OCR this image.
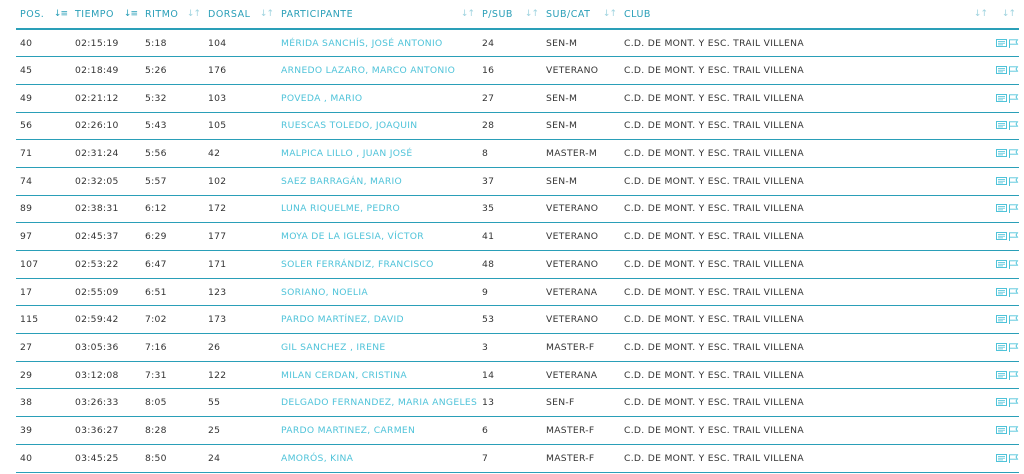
POS. ↓≡	TIEMPO ↓≡	RITMO ↓↑	DORSAL ↓↑	PARTICIPANTE ↓↑	P/SUB ↓↑	SUB/CAT ↓↑	CLUB ↓↑	↓↑

40	02:15:19	5:18	104	MÉRIDA SANCHÍS, JOSÉ ANTONIO	24	SEN-M	C.D. DE MONT. Y ESC. TRAIL VILLENA	

45	02:18:49	5:26	176	ARNEDO LAZARO, MARCO ANTONIO	16	VETERANO	C.D. DE MONT. Y ESC. TRAIL VILLENA	

49	02:21:12	5:32	103	POVEDA , MARIO	27	SEN-M	C.D. DE MONT. Y ESC. TRAIL VILLENA	

56	02:26:10	5:43	105	RUESCAS TOLEDO, JOAQUIN	28	SEN-M	C.D. DE MONT. Y ESC. TRAIL VILLENA	

71	02:31:24	5:56	42	MALPICA LILLO , JUAN JOSÉ	8	MASTER-M	C.D. DE MONT. Y ESC. TRAIL VILLENA	

74	02:32:05	5:57	102	SAEZ BARRAGÁN, MARIO	37	SEN-M	C.D. DE MONT. Y ESC. TRAIL VILLENA	

89	02:38:31	6:12	172	LUNA RIQUELME, PEDRO	35	VETERANO	C.D. DE MONT. Y ESC. TRAIL VILLENA	

97	02:45:37	6:29	177	MOYA DE LA IGLESIA, VÍCTOR	41	VETERANO	C.D. DE MONT. Y ESC. TRAIL VILLENA	

107	02:53:22	6:47	171	SOLER FERRÁNDIZ, FRANCISCO	48	VETERANO	C.D. DE MONT. Y ESC. TRAIL VILLENA	

17	02:55:09	6:51	123	SORIANO, NOELIA	9	VETERANA	C.D. DE MONT. Y ESC. TRAIL VILLENA	

115	02:59:42	7:02	173	PARDO MARTÍNEZ, DAVID	53	VETERANO	C.D. DE MONT. Y ESC. TRAIL VILLENA	

27	03:05:36	7:16	26	GIL SANCHEZ , IRENE	3	MASTER-F	C.D. DE MONT. Y ESC. TRAIL VILLENA	

29	03:12:08	7:31	122	MILAN CERDAN, CRISTINA	14	VETERANA	C.D. DE MONT. Y ESC. TRAIL VILLENA	

38	03:26:33	8:05	55	DELGADO FERNANDEZ, MARIA ANGELES	13	SEN-F	C.D. DE MONT. Y ESC. TRAIL VILLENA	

39	03:36:27	8:28	25	PARDO MARTINEZ, CARMEN	6	MASTER-F	C.D. DE MONT. Y ESC. TRAIL VILLENA	

40	03:45:25	8:50	24	AMORÓS, KINA	7	MASTER-F	C.D. DE MONT. Y ESC. TRAIL VILLENA	
